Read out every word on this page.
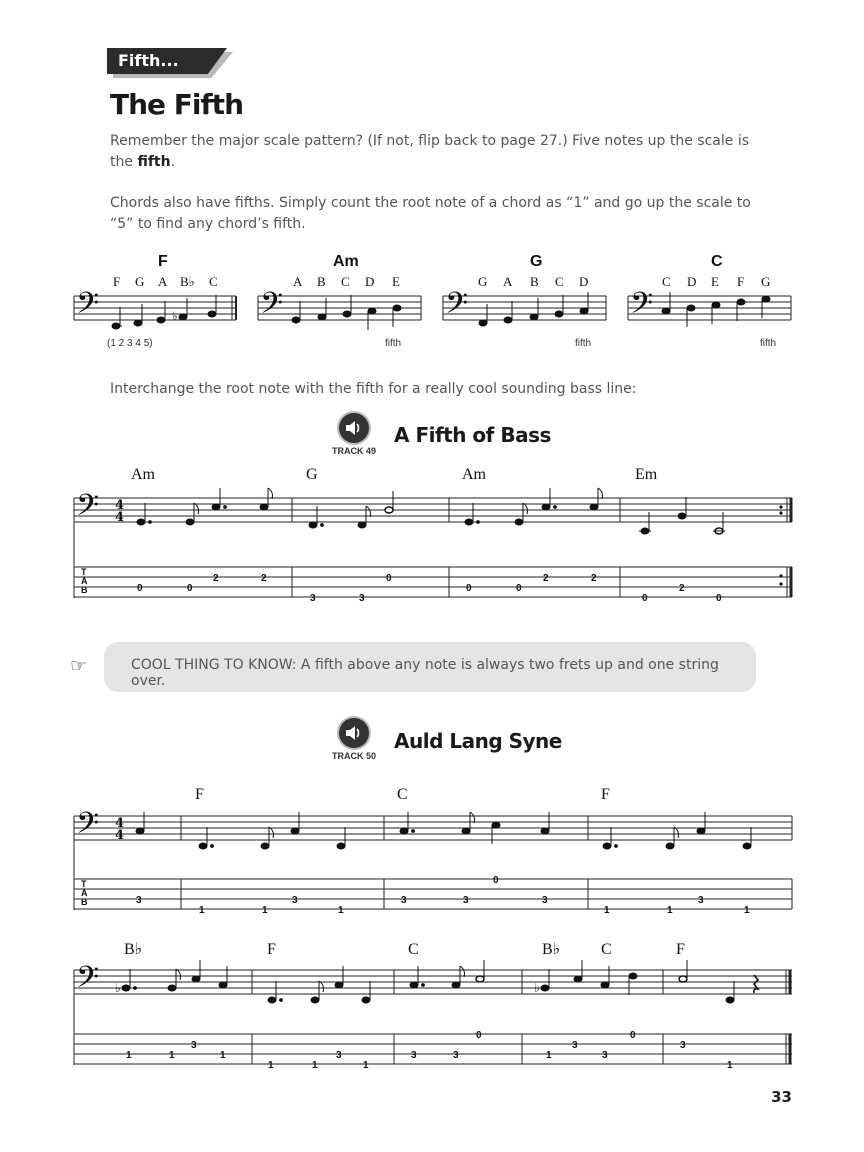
Fifth...
The Fifth

Remember the major scale pattern? (If not, flip back to page 27.) Five notes up the scale is the fifth.

Chords also have fifths. Simply count the root note of a chord as “1” and go up the scale to “5” to find any chord’s fifth.

F
F G A B♭ C
𝄢	♭
(1 2 3 4 5)
Am
A B C D E
𝄢
fifth
G
G A B C D
𝄢
fifth
C
C D E F G
𝄢
fifth

Interchange the root note with the fifth for a really cool sounding bass line:

TRACK 49
A Fifth of Bass
Am	G	Am	Em
𝄢 4
4
T
A
B	0	0
2	2
3	3
0
0	0
2	2
0
2
0
☞	COOL THING TO KNOW: A fifth above any note is always two frets up and one string over.
TRACK 50
Auld Lang Syne
F	C	F
𝄢 4
4
T
A
B	3
1	1
3
1
3	3
0
3
1	1
3
1
B♭	F	C	B♭	C	F
𝄢 ♭	♭
1	1
3
1
1	1
3
1
3	3
0
1
3
3
0
3
1
33
